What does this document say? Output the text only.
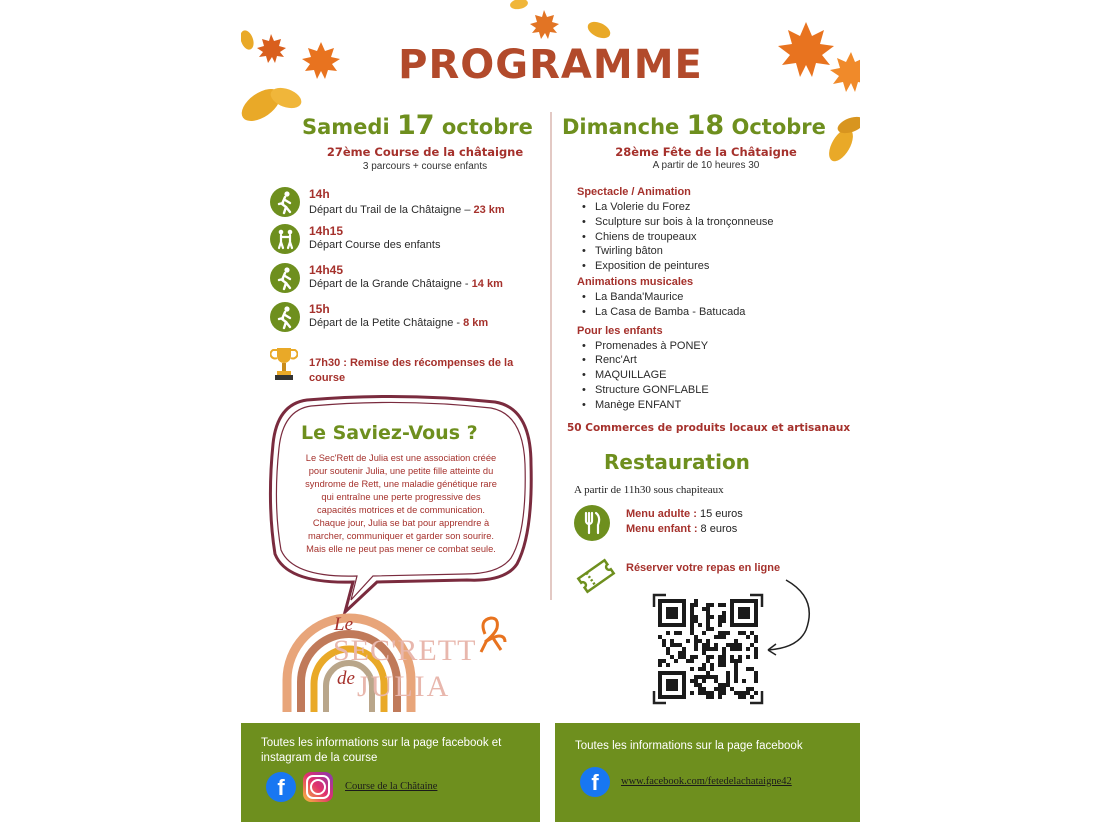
PROGRAMME
Samedi 17 octobre
27ème Course de la châtaigne
3 parcours + course enfants
14h
Départ du Trail de la Châtaigne – 23 km
14h15
Départ Course des enfants
14h45
Départ de la Grande Châtaigne - 14 km
15h
Départ de la Petite Châtaigne - 8 km
17h30 : Remise des récompenses de la
course
Le Saviez-Vous ?
Le Sec'Rett de Julia est une association créée
pour soutenir Julia, une petite fille atteinte du
syndrome de Rett, une maladie génétique rare
qui entraîne une perte progressive des
capacités motrices et de communication.
Chaque jour, Julia se bat pour apprendre à
marcher, communiquer et garder son sourire.
Mais elle ne peut pas mener ce combat seule.
Le
SEC'RETT
de JULIA
Dimanche 18 Octobre
28ème Fête de la Châtaigne
A partir de 10 heures 30
Spectacle / Animation
• La Volerie du Forez
• Sculpture sur bois à la tronçonneuse
• Chiens de troupeaux
• Twirling bâton
• Exposition de peintures
Animations musicales
• La Banda'Maurice
• La Casa de Bamba - Batucada
Pour les enfants
• Promenades à PONEY
• Renc'Art
• MAQUILLAGE
• Structure GONFLABLE
• Manège ENFANT
50 Commerces de produits locaux et artisanaux
Restauration
A partir de 11h30 sous chapiteaux
Menu adulte : 15 euros
Menu enfant : 8 euros
Réserver votre repas en ligne
Toutes les informations sur la page facebook et
instagram de la course
f	Course de la Chătaine
Toutes les informations sur la page facebook
f	www.facebook.com/fetedelachataigne42
